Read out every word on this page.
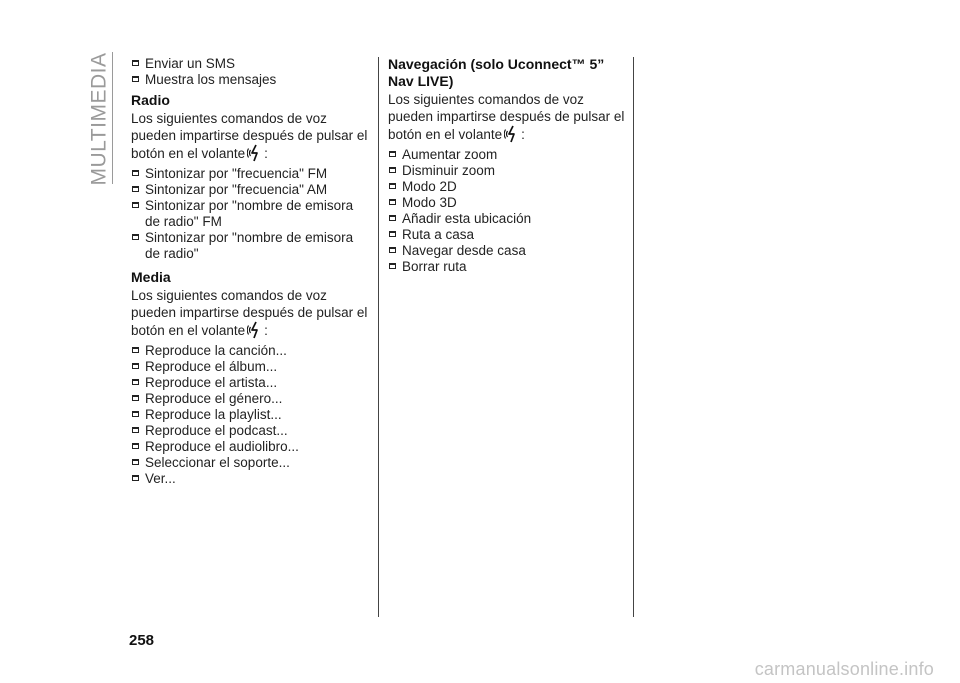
MULTIMEDIA	Enviar un SMS
Muestra los mensajes
Radio

Los siguientes comandos de voz pueden impartirse después de pulsar el botón en el volante :

Sintonizar por "frecuencia" FM
Sintonizar por "frecuencia" AM
Sintonizar por "nombre de emisora de radio" FM
Sintonizar por "nombre de emisora de radio"
Media

Los siguientes comandos de voz pueden impartirse después de pulsar el botón en el volante :

Reproduce la canción...
Reproduce el álbum...
Reproduce el artista...
Reproduce el género...
Reproduce la playlist...
Reproduce el podcast...
Reproduce el audiolibro...
Seleccionar el soporte...
Ver...
Navegación (solo Uconnect™ 5” Nav LIVE)

Los siguientes comandos de voz pueden impartirse después de pulsar el botón en el volante :

Aumentar zoom
Disminuir zoom
Modo 2D
Modo 3D
Añadir esta ubicación
Ruta a casa
Navegar desde casa
Borrar ruta
258
carmanualsonline.info
